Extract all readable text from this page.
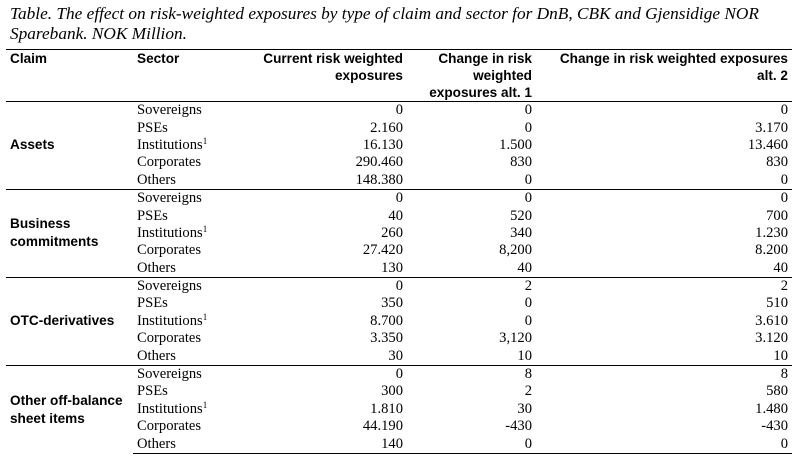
Table. The effect on risk-weighted exposures by type of claim and sector for DnB, CBK and Gjensidige NOR Sparebank. NOK Million.
Claim	Sector	Current risk weighted exposures	Change in risk weighted exposures alt. 1	Change in risk weighted exposures alt. 2
Assets	Sovereigns	0	0	0
	PSEs	2.160	0	3.170
	Institutions$^1$	16.130	1.500	13.460
	Corporates	290.460	830	830
	Others	148.380	0	0
Business commitments	Sovereigns	0	0	0
	PSEs	40	520	700
	Institutions$^1$	260	340	1.230
	Corporates	27.420	8,200	8.200
	Others	130	40	40
OTC-derivatives	Sovereigns	0	2	2
	PSEs	350	0	510
	Institutions$^1$	8.700	0	3.610
	Corporates	3.350	3,120	3.120
	Others	30	10	10
Other off-balance sheet items	Sovereigns	0	8	8
	PSEs	300	2	580
	Institutions$^1$	1.810	30	1.480
	Corporates	44.190	-430	-430
	Others	140	0	0
